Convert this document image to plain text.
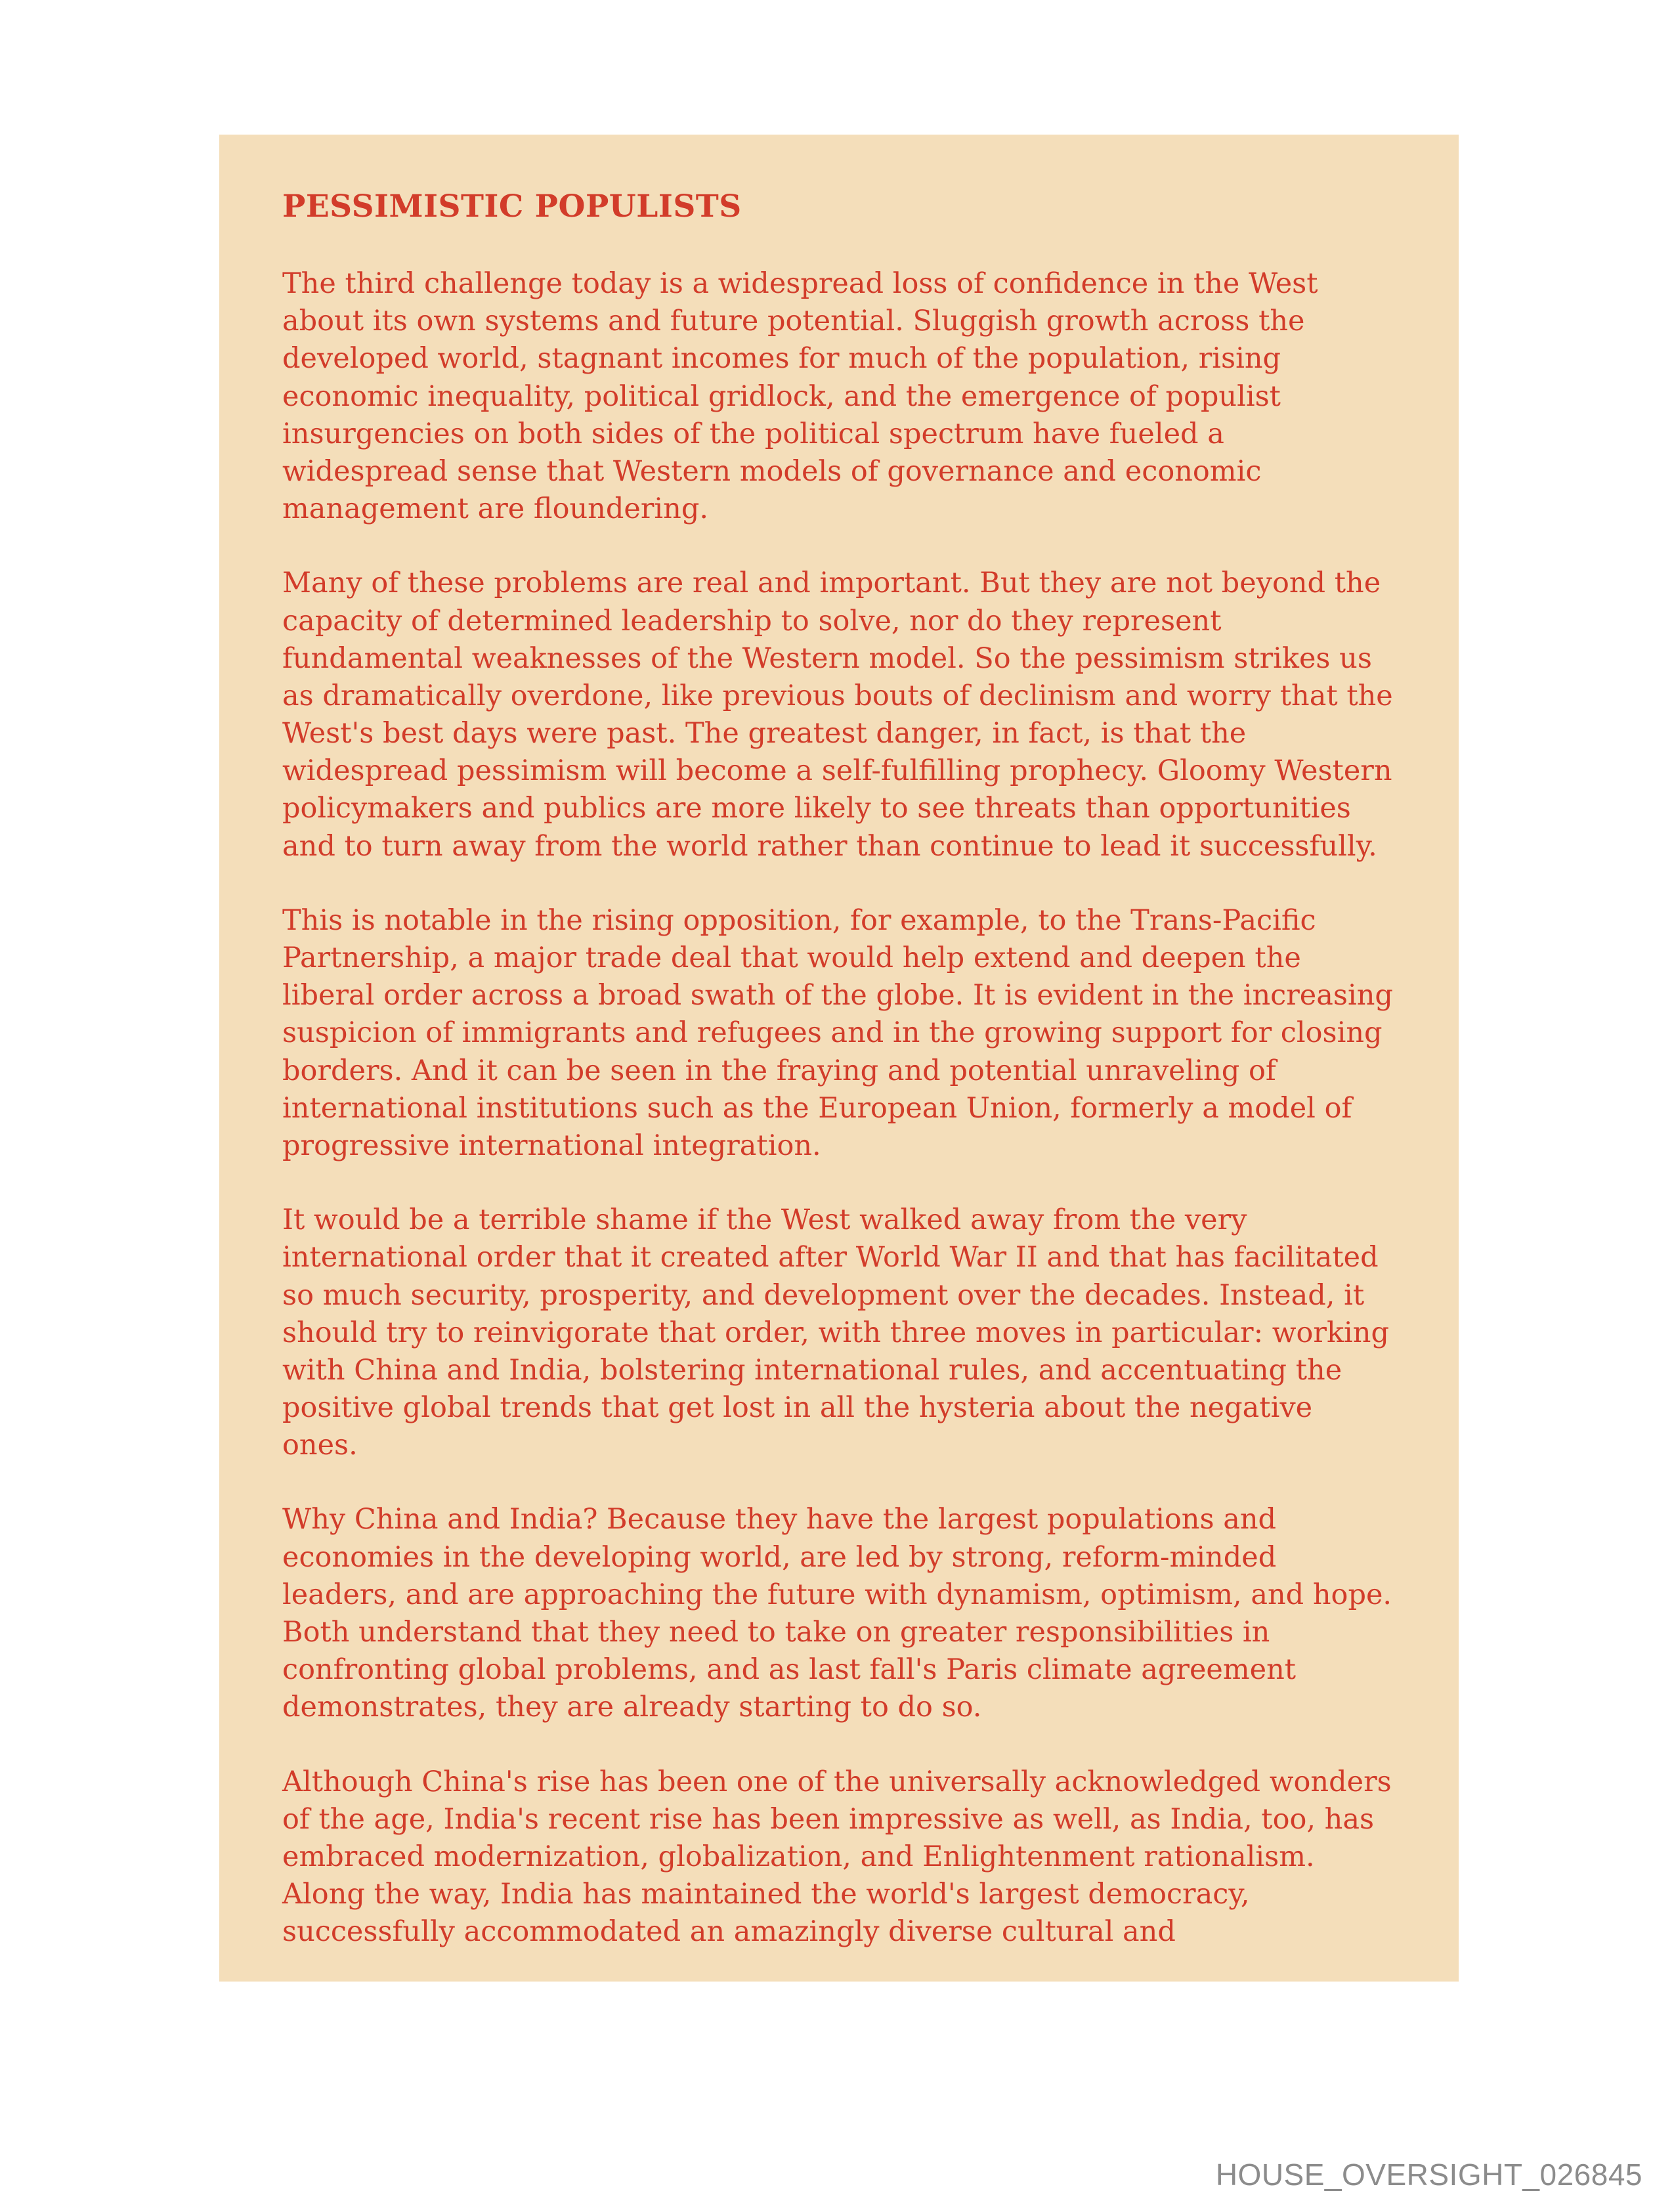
PESSIMISTIC POPULISTS

The third challenge today is a widespread loss of confidence in the West about its own systems and future potential. Sluggish growth across the developed world, stagnant incomes for much of the population, rising economic inequality, political gridlock, and the emergence of populist insurgencies on both sides of the political spectrum have fueled a widespread sense that Western models of governance and economic management are floundering.

Many of these problems are real and important. But they are not beyond the capacity of determined leadership to solve, nor do they represent fundamental weaknesses of the Western model. So the pessimism strikes us as dramatically overdone, like previous bouts of declinism and worry that the West's best days were past. The greatest danger, in fact, is that the widespread pessimism will become a self-fulfilling prophecy. Gloomy Western policymakers and publics are more likely to see threats than opportunities and to turn away from the world rather than continue to lead it successfully.

This is notable in the rising opposition, for example, to the Trans-Pacific Partnership, a major trade deal that would help extend and deepen the liberal order across a broad swath of the globe. It is evident in the increasing suspicion of immigrants and refugees and in the growing support for closing borders. And it can be seen in the fraying and potential unraveling of international institutions such as the European Union, formerly a model of progressive international integration.

It would be a terrible shame if the West walked away from the very international order that it created after World War II and that has facilitated so much security, prosperity, and development over the decades. Instead, it should try to reinvigorate that order, with three moves in particular: working with China and India, bolstering international rules, and accentuating the positive global trends that get lost in all the hysteria about the negative ones.

Why China and India? Because they have the largest populations and economies in the developing world, are led by strong, reform-minded leaders, and are approaching the future with dynamism, optimism, and hope. Both understand that they need to take on greater responsibilities in confronting global problems, and as last fall's Paris climate agreement demonstrates, they are already starting to do so.

Although China's rise has been one of the universally acknowledged wonders of the age, India's recent rise has been impressive as well, as India, too, has embraced modernization, globalization, and Enlightenment rationalism. Along the way, India has maintained the world's largest democracy, successfully accommodated an amazingly diverse cultural and

HOUSE_OVERSIGHT_026845
